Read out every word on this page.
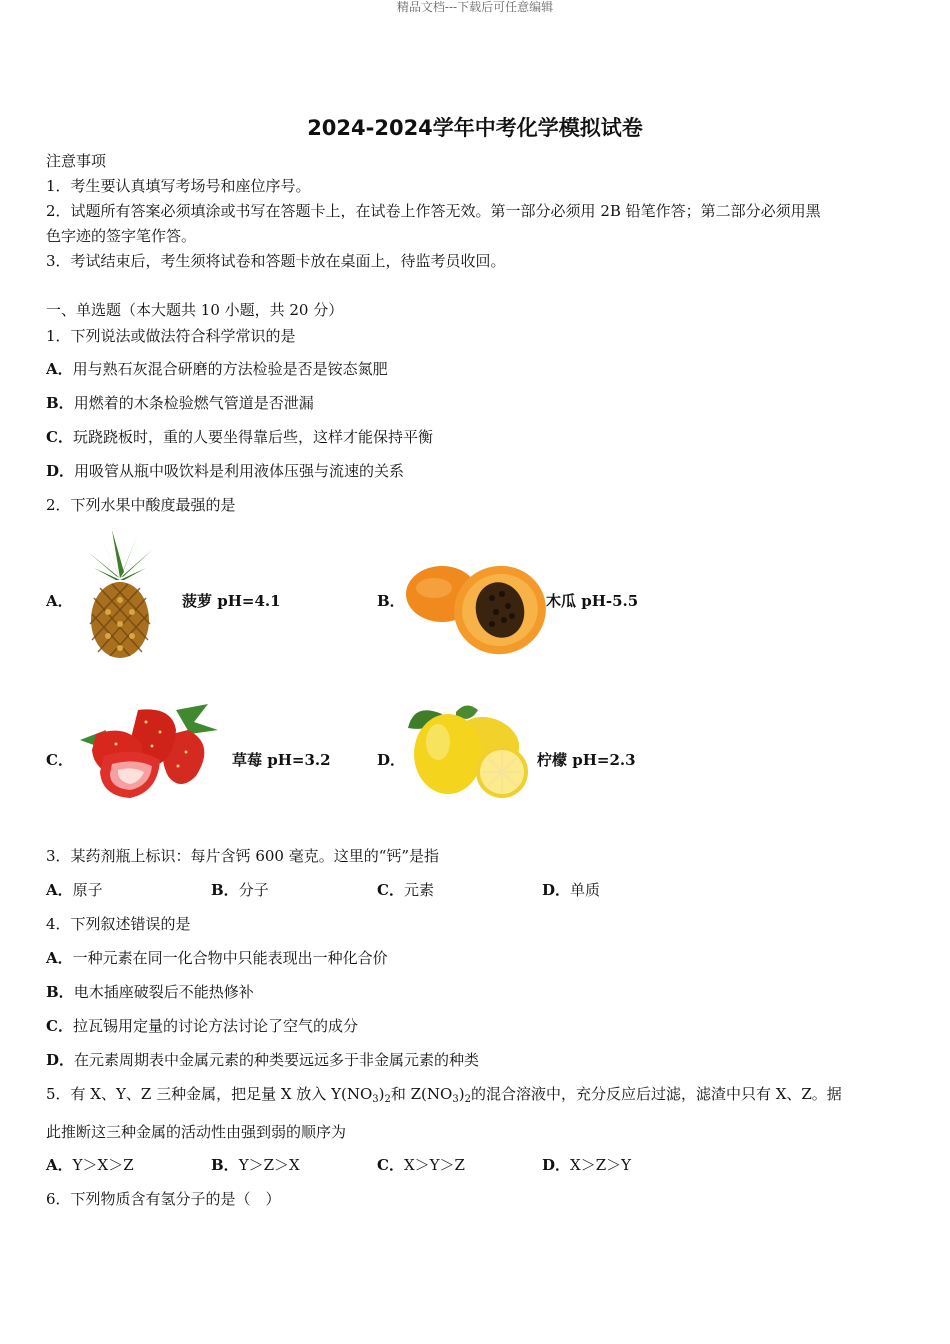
精品文档---下载后可任意编辑
2024-2024学年中考化学模拟试卷
注意事项
1．考生要认真填写考场号和座位序号。
2．试题所有答案必须填涂或书写在答题卡上，在试卷上作答无效。第一部分必须用 2B 铅笔作答；第二部分必须用黑
色字迹的签字笔作答。
3．考试结束后，考生须将试卷和答题卡放在桌面上，待监考员收回。
一、单选题（本大题共 10 小题，共 20 分）
1．下列说法或做法符合科学常识的是
A．用与熟石灰混合研磨的方法检验是否是铵态氮肥
B．用燃着的木条检验燃气管道是否泄漏
C．玩跷跷板时，重的人要坐得靠后些，这样才能保持平衡
D．用吸管从瓶中吸饮料是利用液体压强与流速的关系
2．下列水果中酸度最强的是
A．	菠萝 pH=4.1	B．	木瓜 pH-5.5
C．	草莓 pH=3.2	D．	柠檬 pH=2.3
3．某药剂瓶上标识：每片含钙 600 毫克。这里的“钙”是指
A．原子	B．分子	C．元素	D．单质
4．下列叙述错误的是
A．一种元素在同一化合物中只能表现出一种化合价
B．电木插座破裂后不能热修补
C．拉瓦锡用定量的讨论方法讨论了空气的成分
D．在元素周期表中金属元素的种类要远远多于非金属元素的种类
5．有 X、Y、Z 三种金属，把足量 X 放入 $Y(NO_3)_2$和 $Z(NO_3)_2$的混合溶液中，充分反应后过滤，滤渣中只有 X、Z。据
此推断这三种金属的活动性由强到弱的顺序为
A．Y＞X＞Z	B．Y＞Z＞X	C．X＞Y＞Z	D．X＞Z＞Y
6．下列物质含有氢分子的是（　）
